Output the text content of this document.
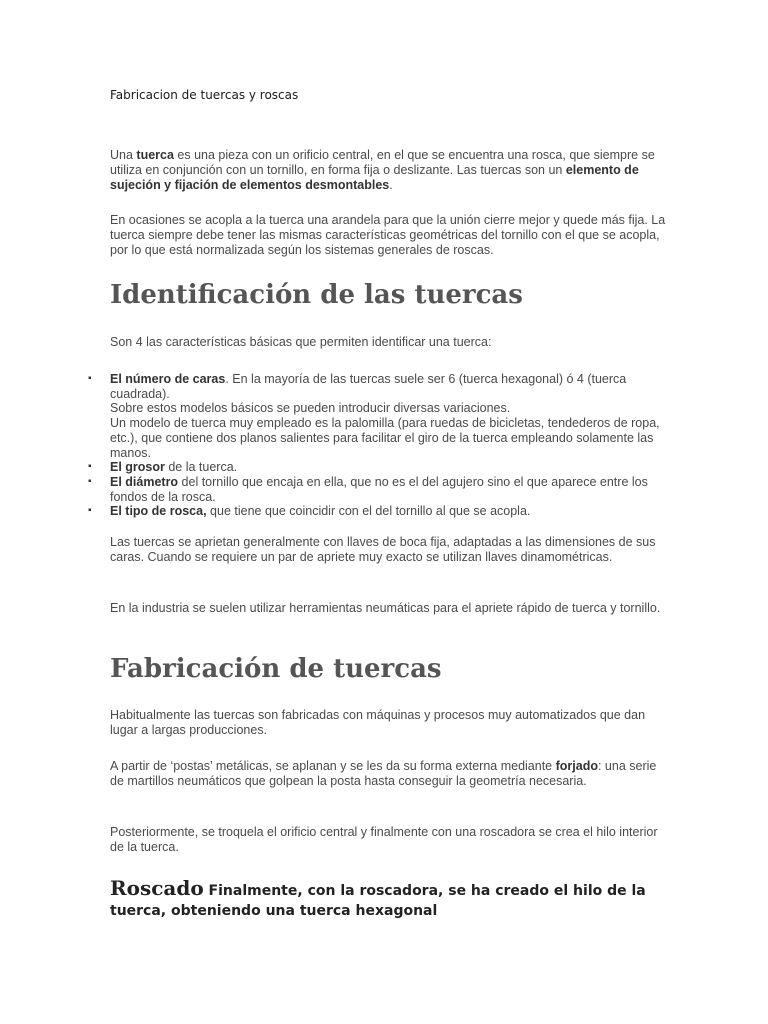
Fabricacion de tuercas y roscas

Una tuerca es una pieza con un orificio central, en el que se encuentra una rosca, que siempre se utiliza en conjunción con un tornillo, en forma fija o deslizante. Las tuercas son un elemento de sujeción y fijación de elementos desmontables.

En ocasiones se acopla a la tuerca una arandela para que la unión cierre mejor y quede más fija. La tuerca siempre debe tener las mismas características geométricas del tornillo con el que se acopla, por lo que está normalizada según los sistemas generales de roscas.

Identificación de las tuercas

Son 4 las características básicas que permiten identificar una tuerca:

▪ El número de caras. En la mayoría de las tuercas suele ser 6 (tuerca hexagonal) ó 4 (tuerca cuadrada).
Sobre estos modelos básicos se pueden introducir diversas variaciones.
Un modelo de tuerca muy empleado es la palomilla (para ruedas de bicicletas, tendederos de ropa, etc.), que contiene dos planos salientes para facilitar el giro de la tuerca empleando solamente las manos.
▪ El grosor de la tuerca.
▪ El diámetro del tornillo que encaja en ella, que no es el del agujero sino el que aparece entre los fondos de la rosca.
▪ El tipo de rosca, que tiene que coincidir con el del tornillo al que se acopla.

Las tuercas se aprietan generalmente con llaves de boca fija, adaptadas a las dimensiones de sus caras. Cuando se requiere un par de apriete muy exacto se utilizan llaves dinamométricas.

En la industria se suelen utilizar herramientas neumáticas para el apriete rápido de tuerca y tornillo.

Fabricación de tuercas

Habitualmente las tuercas son fabricadas con máquinas y procesos muy automatizados que dan lugar a largas producciones.

A partir de ‘postas’ metálicas, se aplanan y se les da su forma externa mediante forjado: una serie de martillos neumáticos que golpean la posta hasta conseguir la geometría necesaria.

Posteriormente, se troquela el orificio central y finalmente con una roscadora se crea el hilo interior de la tuerca.

Roscado Finalmente, con la roscadora, se ha creado el hilo de la tuerca, obteniendo una tuerca hexagonal
